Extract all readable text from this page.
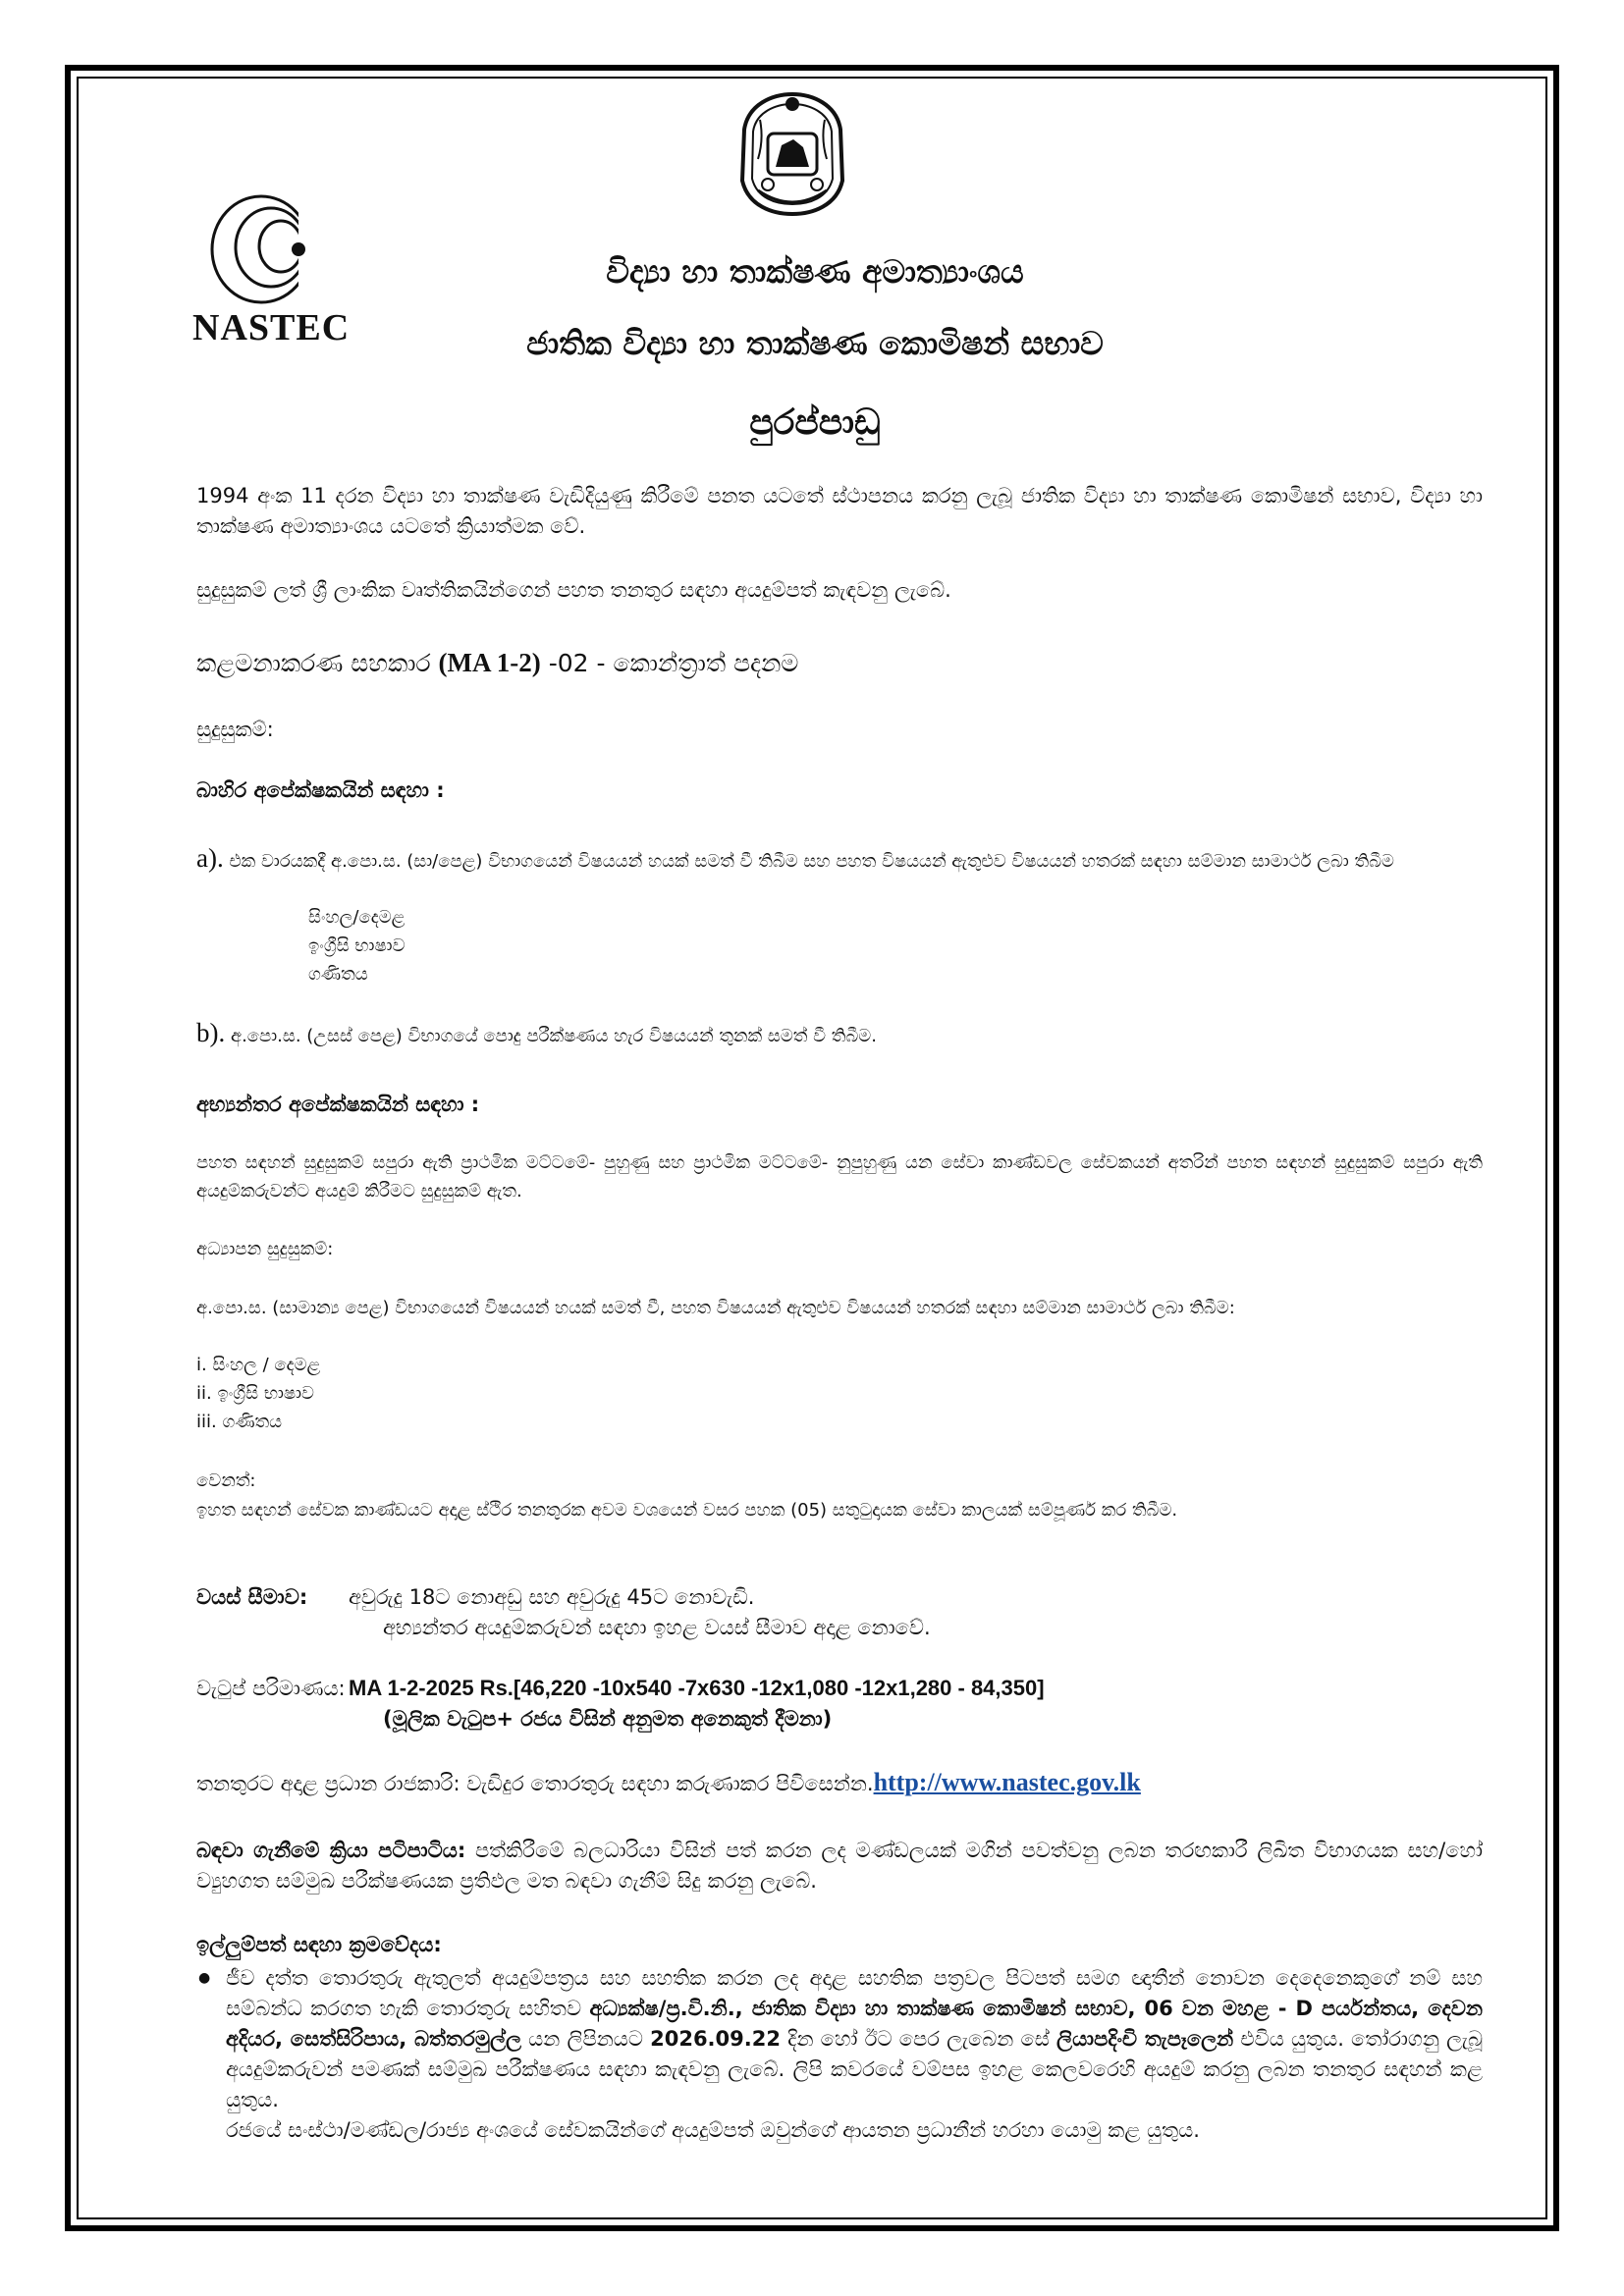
NASTEC
විද්‍යා හා තාක්ෂණ අමාත්‍යාංශය
ජාතික විද්‍යා හා තාක්ෂණ කොමිෂන් සභාව
පුරප්පාඩු
1994 අංක 11 දරන විද්‍යා හා තාක්ෂණ වැඩිදියුණු කිරීමේ පනත යටතේ ස්ථාපනය කරනු ලැබූ ජාතික විද්‍යා හා තාක්ෂණ කොමිෂන් සභාව, විද්‍යා හා තාක්ෂණ අමාත්‍යාංශය යටතේ ක්‍රියාත්මක වේ.
සුදුසුකම් ලත් ශ්‍රී ලාංකික වෘත්තිකයින්ගෙන් පහත තනතුර සඳහා අයදුම්පත් කැඳවනු ලැබේ.
කළමනාකරණ සහකාර (MA 1-2) -02 - කොන්ත්‍රාත් පදනම
සුදුසුකම්:
බාහිර අපේක්ෂකයින් සඳහා :
a). එක වාරයකදී අ.පො.ස. (සා/පෙළ) විභාගයෙන් විෂයයන් හයක් සමත් වී තිබීම සහ පහත විෂයයන් ඇතුළුව විෂයයන් හතරක් සඳහා සම්මාන සාමාර්ථ ලබා තිබීම
සිංහල/දෙමළ
ඉංග්‍රීසි භාෂාව
ගණිතය
b). අ.පො.ස. (උසස් පෙළ) විභාගයේ පොදු පරීක්ෂණය හැර විෂයයන් තුනක් සමත් වී තිබීම.
අභ්‍යන්තර අපේක්ෂකයින් සඳහා :
පහත සඳහන් සුදුසුකම් සපුරා ඇති ප්‍රාථමික මට්ටමේ- පුහුණු සහ ප්‍රාථමික මට්ටමේ- නුපුහුණු යන සේවා කාණ්ඩවල සේවකයන් අතරින් පහත සඳහන් සුදුසුකම් සපුරා ඇති අයදුම්කරුවන්ට අයදුම් කිරීමට සුදුසුකම් ඇත.
අධ්‍යාපන සුදුසුකම්:
අ.පො.ස. (සාමාන්‍ය පෙළ) විභාගයෙන් විෂයයන් හයක් සමත් වී, පහත විෂයයන් ඇතුළුව විෂයයන් හතරක් සඳහා සම්මාන සාමාර්ථ ලබා තිබීම:
i. සිංහල / දෙමළ
ii. ඉංග්‍රීසි භාෂාව
iii. ගණිතය
වෙනත්:
ඉහත සඳහන් සේවක කාණ්ඩයට අදාළ ස්ථිර තනතුරක අවම වශයෙන් වසර පහක (05) සතුටුදායක සේවා කාලයක් සම්පූර්ණ කර තිබීම.
වයස් සීමාව: අවුරුදු 18ට නොඅඩු සහ අවුරුදු 45ට නොවැඩි.
අභ්‍යන්තර අයදුම්කරුවන් සඳහා ඉහළ වයස් සීමාව අදාළ නොවේ.
වැටුප් පරිමාණය: MA 1-2-2025 Rs.[46,220 -10x540 -7x630 -12x1,080 -12x1,280 - 84,350]
(මූලික වැටුප+ රජය විසින් අනුමත අනෙකුත් දීමනා)
තනතුරට අදාළ ප්‍රධාන රාජකාරි: වැඩිදුර තොරතුරු සඳහා කරුණාකර පිවිසෙන්න.http://www.nastec.gov.lk
බඳවා ගැනීමේ ක්‍රියා පටිපාටිය: පත්කිරීමේ බලධාරියා විසින් පත් කරන ලද මණ්ඩලයක් මගින් පවත්වනු ලබන තරඟකාරී ලිඛිත විභාගයක සහ/හෝ ව්‍යුහගත සම්මුඛ පරීක්ෂණයක ප්‍රතිඵල මත බඳවා ගැනීම් සිදු කරනු ලැබේ.
ඉල්ලුම්පත් සඳහා ක්‍රමවේදය:
● ජීව දත්ත තොරතුරු ඇතුලත් අයදුම්පත්‍රය සහ සහතික කරන ලද අදාළ සහතික පත්‍රවල පිටපත් සමග ඥාතීන් නොවන දෙදෙනෙකුගේ නම් සහ සම්බන්ධ කරගත හැකි තොරතුරු සහිතව අධ්‍යක්ෂ/ප්‍ර.වි.නි., ජාතික විද්‍යා හා තාක්ෂණ කොමිෂන් සභාව, 06 වන මහළ - D පර්යන්තය, දෙවන අදියර, සෙත්සිරිපාය, බත්තරමුල්ල යන ලිපිනයට 2026.09.22 දින හෝ ඊට පෙර ලැබෙන සේ ලියාපදිංචි තැපෑලෙන් එවිය යුතුය. තෝරාගනු ලැබූ අයදුම්කරුවන් පමණක් සම්මුඛ පරීක්ෂණය සඳහා කැඳවනු ලැබේ. ලිපි කවරයේ වම්පස ඉහළ කෙලවරෙහි අයදුම් කරනු ලබන තනතුර සඳහන් කළ යුතුය.
රජයේ සංස්ථා/මණ්ඩල/රාජ්‍ය අංශයේ සේවකයින්ගේ අයදුම්පත් ඔවුන්ගේ ආයතන ප්‍රධානීන් හරහා යොමු කළ යුතුය.
